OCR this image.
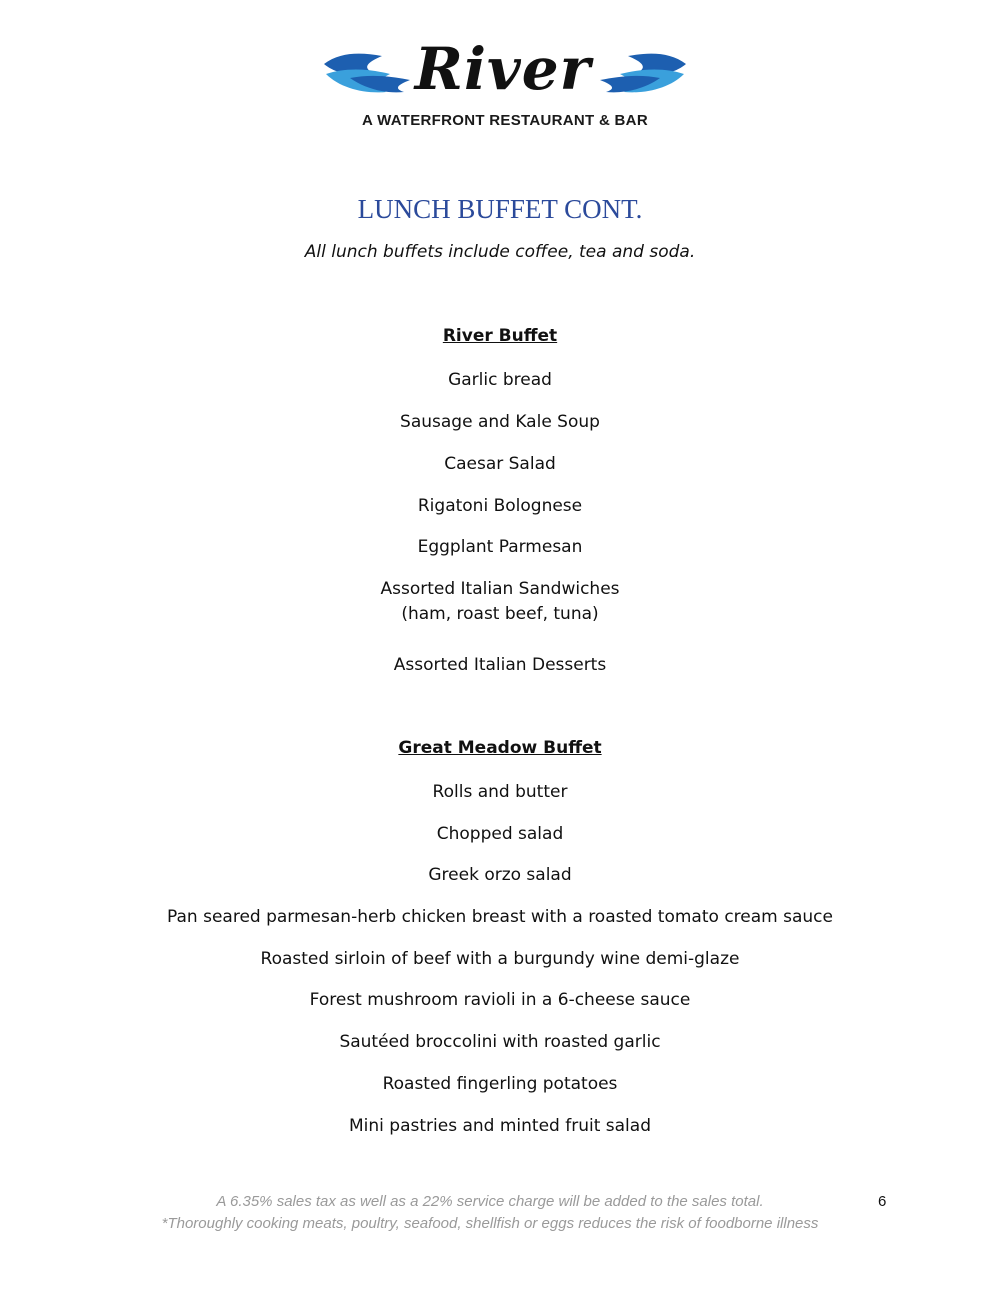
River
A WATERFRONT RESTAURANT & BAR
LUNCH BUFFET CONT.
All lunch buffets include coffee, tea and soda.
River Buffet
Garlic bread
Sausage and Kale Soup
Caesar Salad
Rigatoni Bolognese
Eggplant Parmesan
Assorted Italian Sandwiches
(ham, roast beef, tuna)
Assorted Italian Desserts
Great Meadow Buffet
Rolls and butter
Chopped salad
Greek orzo salad
Pan seared parmesan-herb chicken breast with a roasted tomato cream sauce
Roasted sirloin of beef with a burgundy wine demi-glaze
Forest mushroom ravioli in a 6-cheese sauce
Sautéed broccolini with roasted garlic
Roasted fingerling potatoes
Mini pastries and minted fruit salad
A 6.35% sales tax as well as a 22% service charge will be added to the sales total.
*Thoroughly cooking meats, poultry, seafood, shellfish or eggs reduces the risk of foodborne illness
6
